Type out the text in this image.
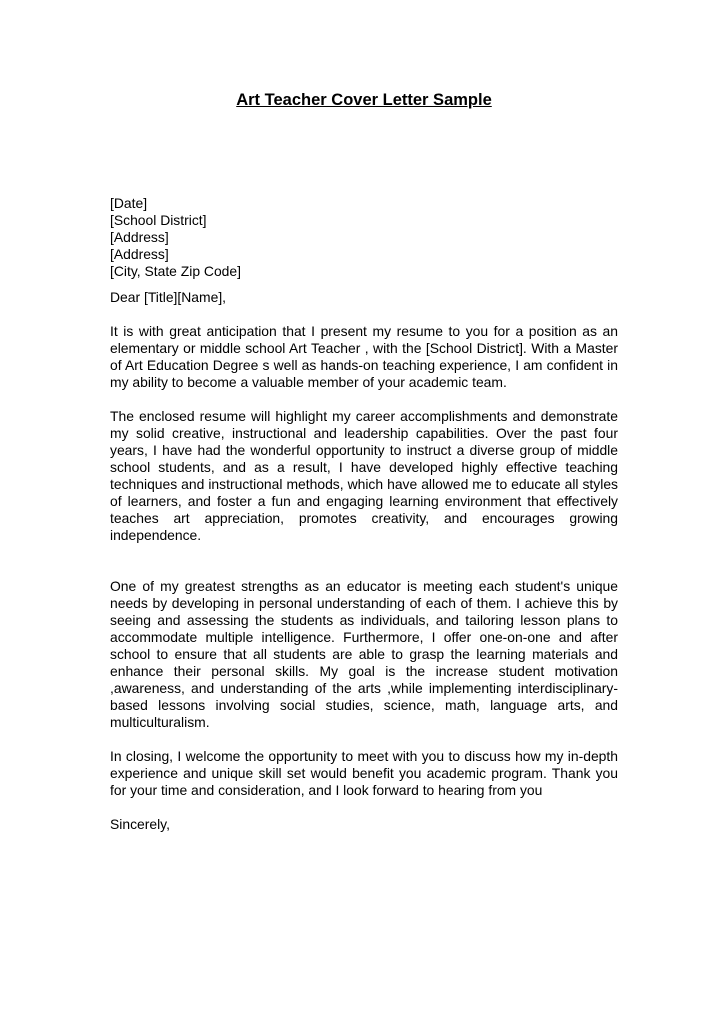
Art Teacher Cover Letter Sample
[Date]
[School District]
[Address]
[Address]
[City, State Zip Code]
Dear [Title][Name],
It is with great anticipation that I present my resume to you for a position as an elementary or middle school Art Teacher , with the [School District]. With a Master of Art Education Degree s well as hands-on teaching experience, I am confident in my ability to become a valuable member of your academic team.
The enclosed resume will highlight my career accomplishments and demonstrate my solid creative, instructional and leadership capabilities. Over the past four years, I have had the wonderful opportunity to instruct a diverse group of middle school students, and as a result, I have developed highly effective teaching techniques and instructional methods, which have allowed me to educate all styles of learners, and foster a fun and engaging learning environment that effectively teaches art appreciation, promotes creativity, and encourages growing independence.
One of my greatest strengths as an educator is meeting each student's unique needs by developing in personal understanding of each of them. I achieve this by seeing and assessing the students as individuals, and tailoring lesson plans to accommodate multiple intelligence. Furthermore, I offer one-on-one and after school to ensure that all students are able to grasp the learning materials and enhance their personal skills. My goal is the increase student motivation ,awareness, and understanding of the arts ,while implementing interdisciplinary-based lessons involving social studies, science, math, language arts, and multiculturalism.
In closing, I welcome the opportunity to meet with you to discuss how my in-depth experience and unique skill set would benefit you academic program. Thank you for your time and consideration, and I look forward to hearing from you
Sincerely,
